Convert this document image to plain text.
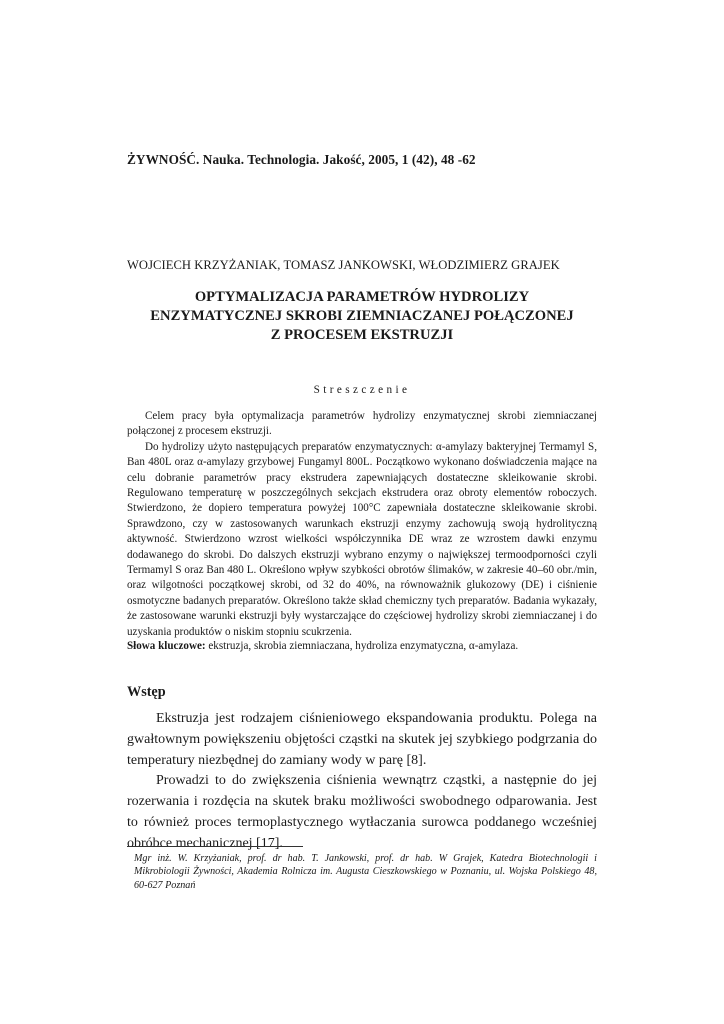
ŻYWNOŚĆ. Nauka. Technologia. Jakość, 2005, 1 (42), 48 -62
WOJCIECH KRZYŻANIAK, TOMASZ JANKOWSKI, WŁODZIMIERZ GRAJEK
OPTYMALIZACJA PARAMETRÓW HYDROLIZY
ENZYMATYCZNEJ SKROBI ZIEMNIACZANEJ POŁĄCZONEJ
Z PROCESEM EKSTRUZJI
Streszczenie

Celem pracy była optymalizacja parametrów hydrolizy enzymatycznej skrobi ziemniaczanej połączonej z procesem ekstruzji.

Do hydrolizy użyto następujących preparatów enzymatycznych: α-amylazy bakteryjnej Termamyl S, Ban 480L oraz α-amylazy grzybowej Fungamyl 800L. Początkowo wykonano doświadczenia mające na celu dobranie parametrów pracy ekstrudera zapewniających dostateczne skleikowanie skrobi. Regulowano temperaturę w poszczególnych sekcjach ekstrudera oraz obroty elementów roboczych. Stwierdzono, że dopiero temperatura powyżej 100°C zapewniała dostateczne skleikowanie skrobi. Sprawdzono, czy w zastosowanych warunkach ekstruzji enzymy zachowują swoją hydrolityczną aktywność. Stwierdzono wzrost wielkości współczynnika DE wraz ze wzrostem dawki enzymu dodawanego do skrobi. Do dalszych ekstruzji wybrano enzymy o największej termoodporności czyli Termamyl S oraz Ban 480 L. Określono wpływ szybkości obrotów ślimaków, w zakresie 40–60 obr./min, oraz wilgotności początkowej skrobi, od 32 do 40%, na równoważnik glukozowy (DE) i ciśnienie osmotyczne badanych preparatów. Określono także skład chemiczny tych preparatów. Badania wykazały, że zastosowane warunki ekstruzji były wystarczające do częściowej hydrolizy skrobi ziemniaczanej i do uzyskania produktów o niskim stopniu scukrzenia.

Słowa kluczowe: ekstruzja, skrobia ziemniaczana, hydroliza enzymatyczna, α-amylaza.
Wstęp

Ekstruzja jest rodzajem ciśnieniowego ekspandowania produktu. Polega na gwałtownym powiększeniu objętości cząstki na skutek jej szybkiego podgrzania do temperatury niezbędnej do zamiany wody w parę [8].

Prowadzi to do zwiększenia ciśnienia wewnątrz cząstki, a następnie do jej rozerwania i rozdęcia na skutek braku możliwości swobodnego odparowania. Jest to również proces termoplastycznego wytłaczania surowca poddanego wcześniej obróbce mechanicznej [17].

Mgr inż. W. Krzyżaniak, prof. dr hab. T. Jankowski, prof. dr hab. W Grajek, Katedra Biotechnologii i Mikrobiologii Żywności, Akademia Rolnicza im. Augusta Cieszkowskiego w Poznaniu, ul. Wojska Polskiego 48, 60-627 Poznań
